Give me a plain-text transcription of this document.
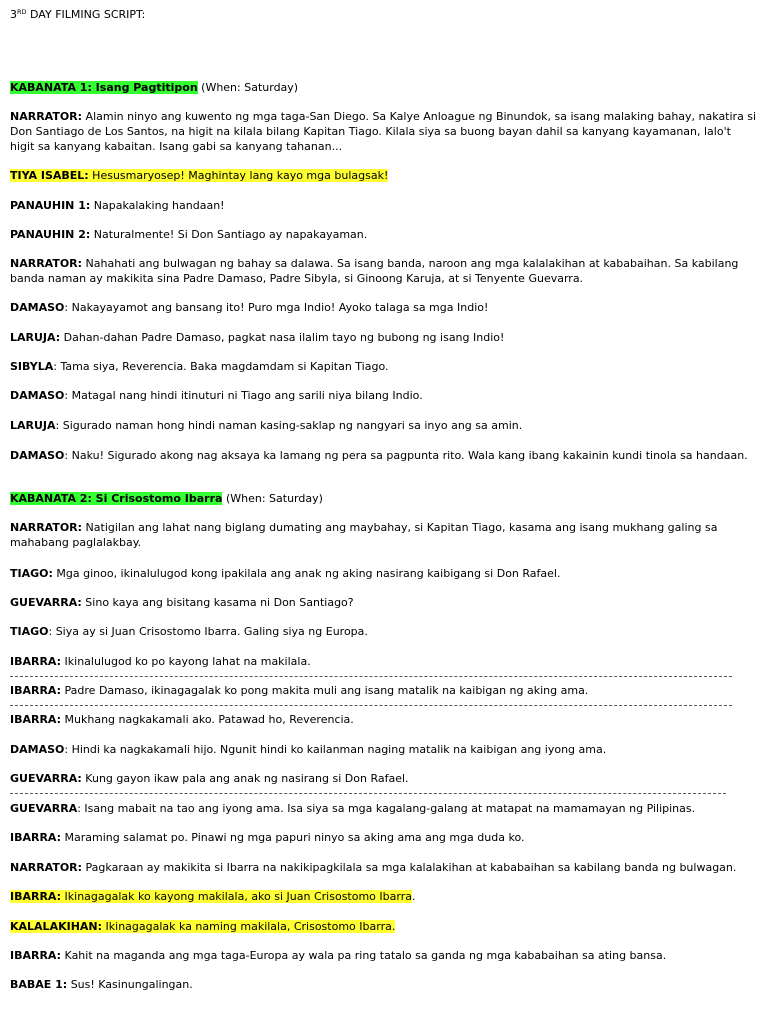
3RD DAY FILMING SCRIPT:
KABANATA 1: Isang Pagtitipon (When: Saturday)
NARRATOR: Alamin ninyo ang kuwento ng mga taga-San Diego. Sa Kalye Anloague ng Binundok, sa isang malaking bahay, nakatira si Don Santiago de Los Santos, na higit na kilala bilang Kapitan Tiago. Kilala siya sa buong bayan dahil sa kanyang kayamanan, lalo't higit sa kanyang kabaitan. Isang gabi sa kanyang tahanan...
TIYA ISABEL: Hesusmaryosep! Maghintay lang kayo mga bulagsak!
PANAUHIN 1: Napakalaking handaan!
PANAUHIN 2: Naturalmente! Si Don Santiago ay napakayaman.
NARRATOR: Nahahati ang bulwagan ng bahay sa dalawa. Sa isang banda, naroon ang mga kalalakihan at kababaihan. Sa kabilang banda naman ay makikita sina Padre Damaso, Padre Sibyla, si Ginoong Karuja, at si Tenyente Guevarra.
DAMASO: Nakayayamot ang bansang ito! Puro mga Indio! Ayoko talaga sa mga Indio!
LARUJA: Dahan-dahan Padre Damaso, pagkat nasa ilalim tayo ng bubong ng isang Indio!
SIBYLA: Tama siya, Reverencia. Baka magdamdam si Kapitan Tiago.
DAMASO: Matagal nang hindi itinuturi ni Tiago ang sarili niya bilang Indio.
LARUJA: Sigurado naman hong hindi naman kasing-saklap ng nangyari sa inyo ang sa amin.
DAMASO: Naku! Sigurado akong nag aksaya ka lamang ng pera sa pagpunta rito. Wala kang ibang kakainin kundi tinola sa handaan.
KABANATA 2: Si Crisostomo Ibarra (When: Saturday)
NARRATOR: Natigilan ang lahat nang biglang dumating ang maybahay, si Kapitan Tiago, kasama ang isang mukhang galing sa mahabang paglalakbay.
TIAGO: Mga ginoo, ikinalulugod kong ipakilala ang anak ng aking nasirang kaibigang si Don Rafael.
GUEVARRA: Sino kaya ang bisitang kasama ni Don Santiago?
TIAGO: Siya ay si Juan Crisostomo Ibarra. Galing siya ng Europa.
IBARRA: Ikinalulugod ko po kayong lahat na makilala.
IBARRA: Padre Damaso, ikinagagalak ko pong makita muli ang isang matalik na kaibigan ng aking ama.
IBARRA: Mukhang nagkakamali ako. Patawad ho, Reverencia.
DAMASO: Hindi ka nagkakamali hijo. Ngunit hindi ko kailanman naging matalik na kaibigan ang iyong ama.
GUEVARRA: Kung gayon ikaw pala ang anak ng nasirang si Don Rafael.
GUEVARRA: Isang mabait na tao ang iyong ama. Isa siya sa mga kagalang-galang at matapat na mamamayan ng Pilipinas.
IBARRA: Maraming salamat po. Pinawi ng mga papuri ninyo sa aking ama ang mga duda ko.
NARRATOR: Pagkaraan ay makikita si Ibarra na nakikipagkilala sa mga kalalakihan at kababaihan sa kabilang banda ng bulwagan.
IBARRA: Ikinagagalak ko kayong makilala, ako si Juan Crisostomo Ibarra.
KALALAKIHAN: Ikinagagalak ka naming makilala, Crisostomo Ibarra.
IBARRA: Kahit na maganda ang mga taga-Europa ay wala pa ring tatalo sa ganda ng mga kababaihan sa ating bansa.
BABAE 1: Sus! Kasinungalingan.
